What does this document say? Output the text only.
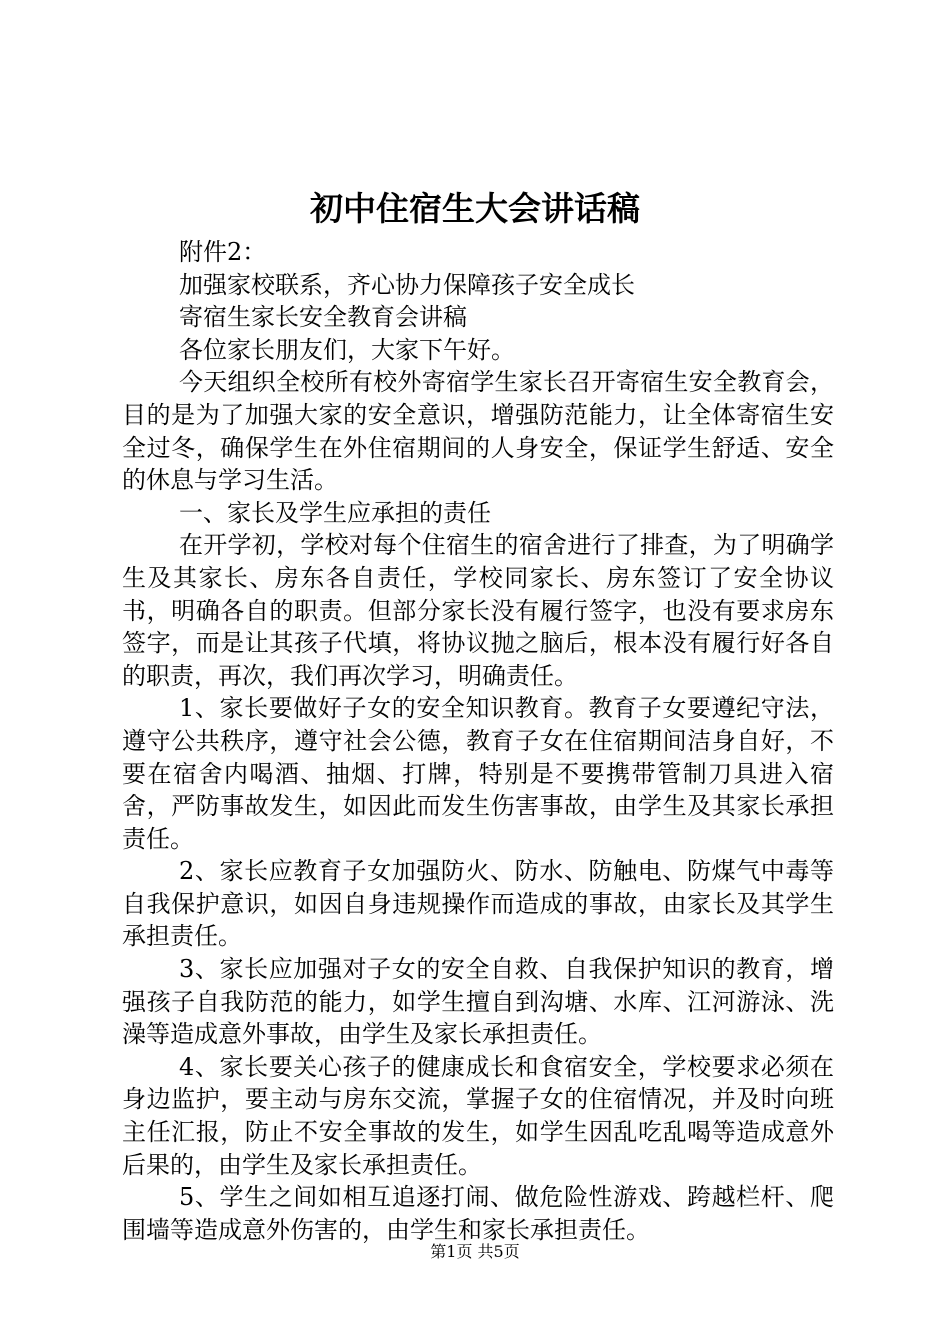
初中住宿生大会讲话稿

附件2：

加强家校联系，齐心协力保障孩子安全成长

寄宿生家长安全教育会讲稿

各位家长朋友们，大家下午好。

今天组织全校所有校外寄宿学生家长召开寄宿生安全教育会，目的是为了加强大家的安全意识，增强防范能力，让全体寄宿生安全过冬，确保学生在外住宿期间的人身安全，保证学生舒适、安全的休息与学习生活。

一、家长及学生应承担的责任

在开学初，学校对每个住宿生的宿舍进行了排查，为了明确学生及其家长、房东各自责任，学校同家长、房东签订了安全协议书，明确各自的职责。但部分家长没有履行签字，也没有要求房东签字，而是让其孩子代填，将协议抛之脑后，根本没有履行好各自的职责，再次，我们再次学习，明确责任。

1、家长要做好子女的安全知识教育。教育子女要遵纪守法，遵守公共秩序，遵守社会公德，教育子女在住宿期间洁身自好，不要在宿舍内喝酒、抽烟、打牌，特别是不要携带管制刀具进入宿舍，严防事故发生，如因此而发生伤害事故，由学生及其家长承担责任。

2、家长应教育子女加强防火、防水、防触电、防煤气中毒等自我保护意识，如因自身违规操作而造成的事故，由家长及其学生承担责任。

3、家长应加强对子女的安全自救、自我保护知识的教育，增强孩子自我防范的能力，如学生擅自到沟塘、水库、江河游泳、洗澡等造成意外事故，由学生及家长承担责任。

4、家长要关心孩子的健康成长和食宿安全，学校要求必须在身边监护，要主动与房东交流，掌握子女的住宿情况，并及时向班主任汇报，防止不安全事故的发生，如学生因乱吃乱喝等造成意外后果的，由学生及家长承担责任。

5、学生之间如相互追逐打闹、做危险性游戏、跨越栏杆、爬围墙等造成意外伤害的，由学生和家长承担责任。

第1页 共5页
